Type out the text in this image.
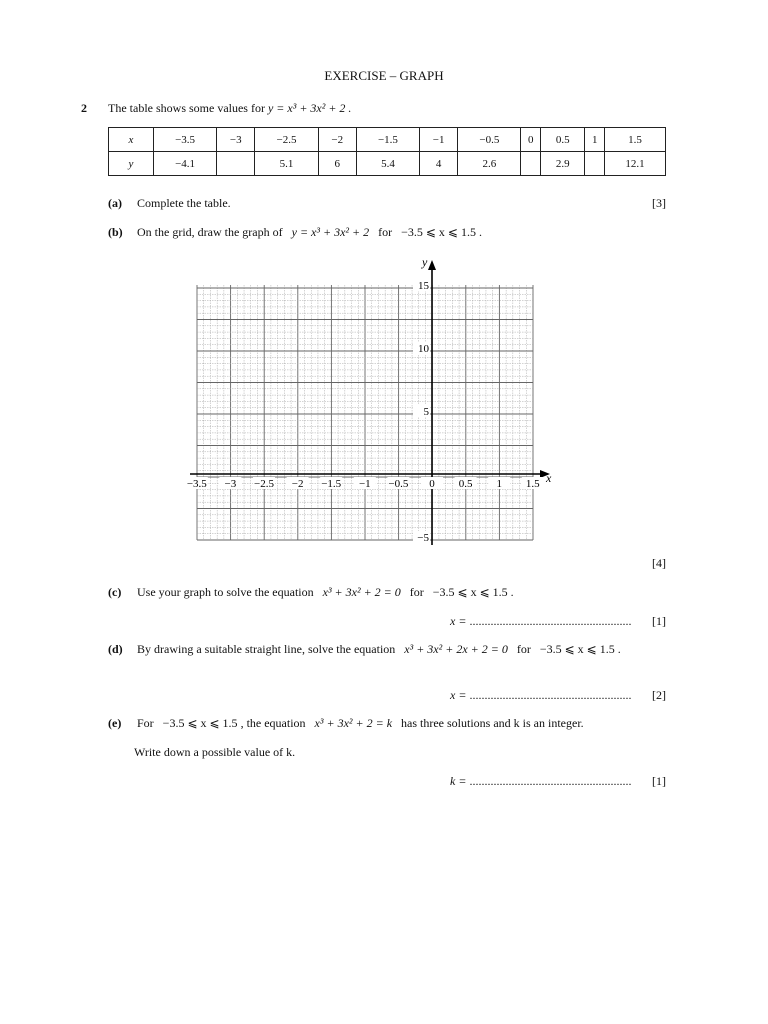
EXERCISE – GRAPH
2 The table shows some values for y = x³ + 3x² + 2 .
x	−3.5	−3	−2.5	−2	−1.5	−1	−0.5	0	0.5	1	1.5
y	−4.1		5.1	6	5.4	4	2.6		2.9		12.1
(a) Complete the table.	[3]
(b) On the grid, draw the graph of y = x³ + 3x² + 2 for −3.5 ⩽ x ⩽ 1.5 .
x
y
−3.5 −3 −2.5 −2 −1.5 −1 −0.5 0 0.5 1 1.5
15
10
5
−5
[4]
(c) Use your graph to solve the equation x³ + 3x² + 2 = 0 for −3.5 ⩽ x ⩽ 1.5 .
x = ...................................................... [1]
(d) By drawing a suitable straight line, solve the equation x³ + 3x² + 2x + 2 = 0 for −3.5 ⩽ x ⩽ 1.5 .
x = ...................................................... [2]
(e) For −3.5 ⩽ x ⩽ 1.5 , the equation x³ + 3x² + 2 = k has three solutions and k is an integer.
Write down a possible value of k.
k = ...................................................... [1]
